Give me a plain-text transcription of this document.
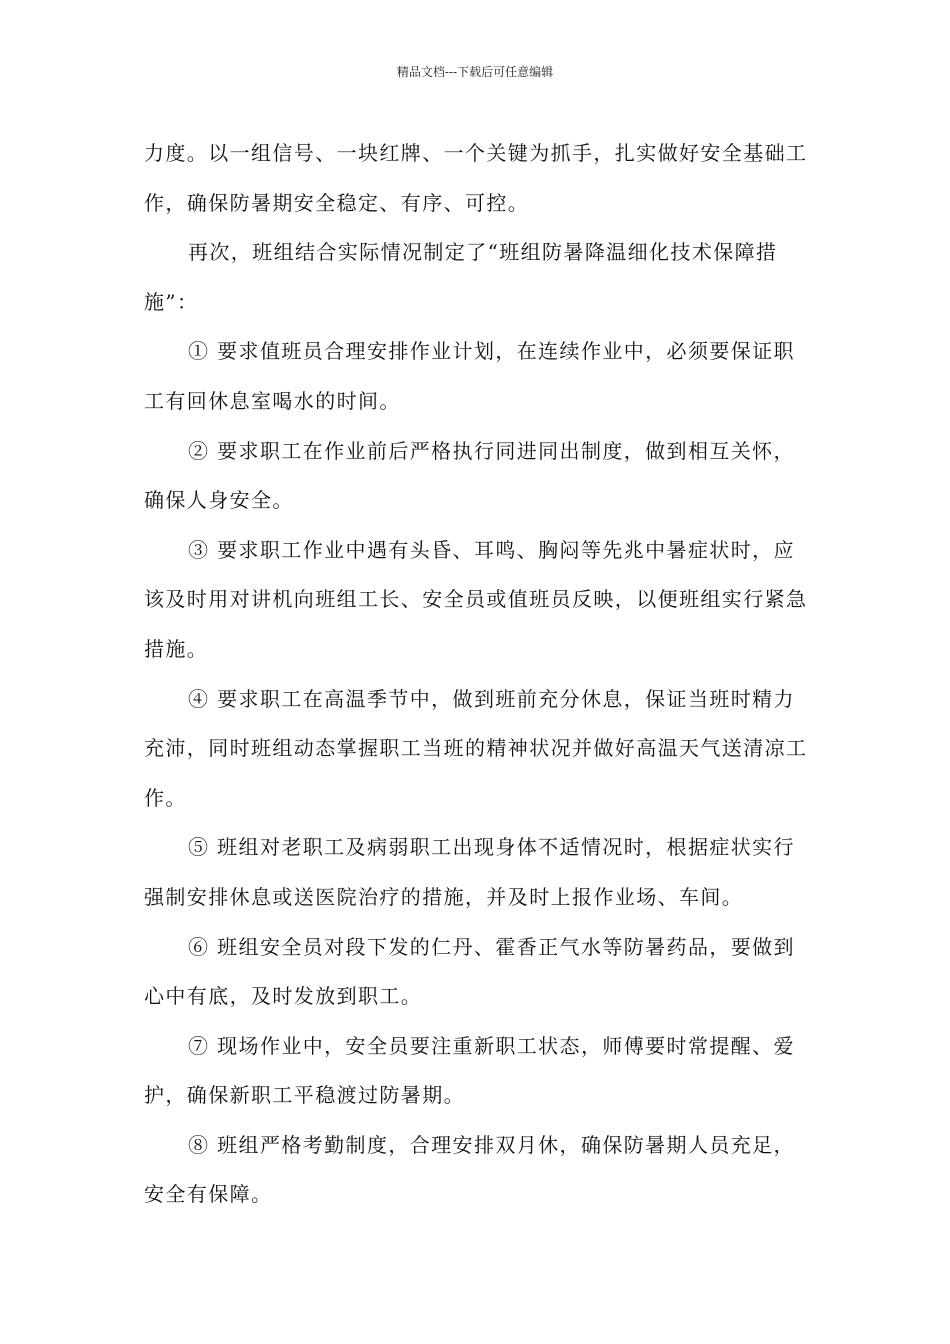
精品文档---下载后可任意编辑

力度。以一组信号、一块红牌、一个关键为抓手，扎实做好安全基础工作，确保防暑期安全稳定、有序、可控。

再次，班组结合实际情况制定了“班组防暑降温细化技术保障措施”：

① 要求值班员合理安排作业计划，在连续作业中，必须要保证职工有回休息室喝水的时间。

② 要求职工在作业前后严格执行同进同出制度，做到相互关怀，确保人身安全。

③ 要求职工作业中遇有头昏、耳鸣、胸闷等先兆中暑症状时，应该及时用对讲机向班组工长、安全员或值班员反映，以便班组实行紧急措施。

④ 要求职工在高温季节中，做到班前充分休息，保证当班时精力充沛，同时班组动态掌握职工当班的精神状况并做好高温天气送清凉工作。

⑤ 班组对老职工及病弱职工出现身体不适情况时，根据症状实行强制安排休息或送医院治疗的措施，并及时上报作业场、车间。

⑥ 班组安全员对段下发的仁丹、霍香正气水等防暑药品，要做到心中有底，及时发放到职工。

⑦ 现场作业中，安全员要注重新职工状态，师傅要时常提醒、爱护，确保新职工平稳渡过防暑期。

⑧ 班组严格考勤制度，合理安排双月休，确保防暑期人员充足，安全有保障。
